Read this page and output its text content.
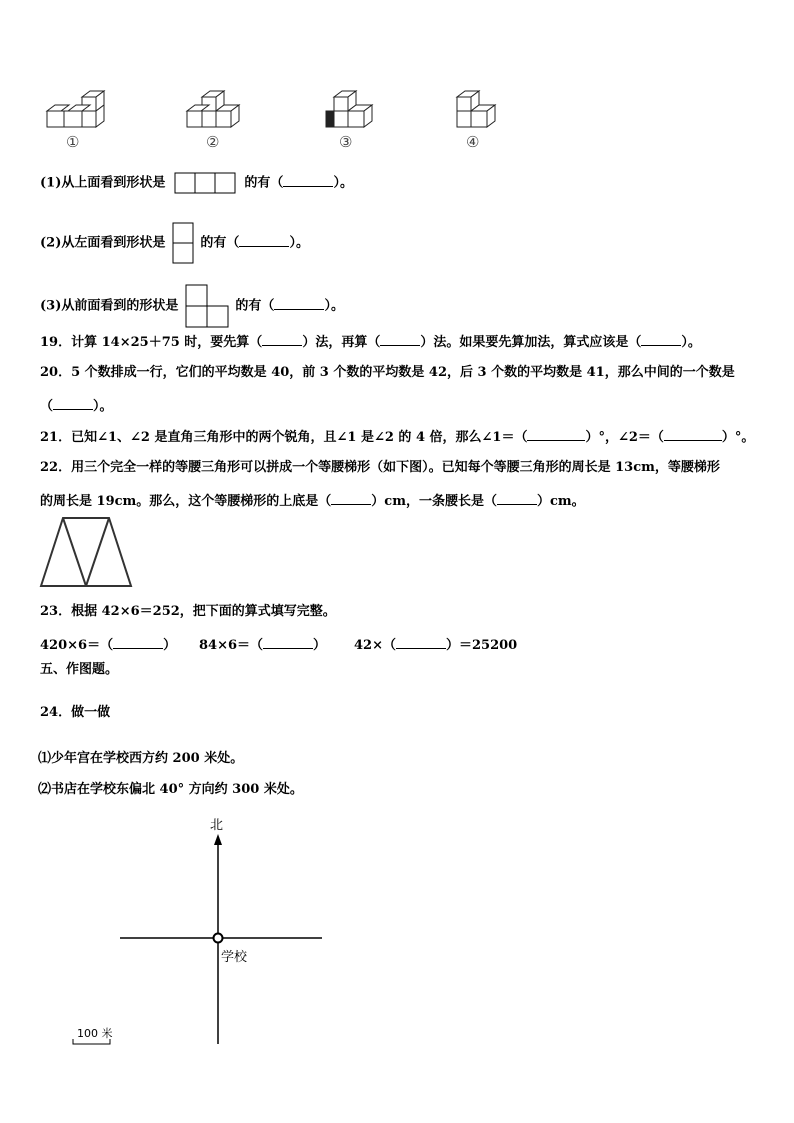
①	②	③	④
(1)从上面看到形状是	的有（	）。
(2)从左面看到形状是	的有（	）。
(3)从前面看到的形状是	的有（	）。
19．计算 14×25＋75 时，要先算（	）法，再算（	）法。如果要先算加法，算式应该是（	）。
20．5 个数排成一行，它们的平均数是 40，前 3 个数的平均数是 42，后 3 个数的平均数是 41，那么中间的一个数是
（	）。
21．已知∠1、∠2 是直角三角形中的两个锐角，且∠1 是∠2 的 4 倍，那么∠1＝（	）°，∠2＝（	）°。
22．用三个完全一样的等腰三角形可以拼成一个等腰梯形（如下图）。已知每个等腰三角形的周长是 13cm，等腰梯形
的周长是 19cm。那么，这个等腰梯形的上底是（	）cm，一条腰长是（	）cm。
23．根据 42×6＝252，把下面的算式填写完整。
420×6＝（	） 84×6＝（	） 42×（	）＝25200
五、作图题。
24．做一做
⑴少年宫在学校西方约 200 米处。
⑵书店在学校东偏北 40° 方向约 300 米处。
北
学校
100 米
